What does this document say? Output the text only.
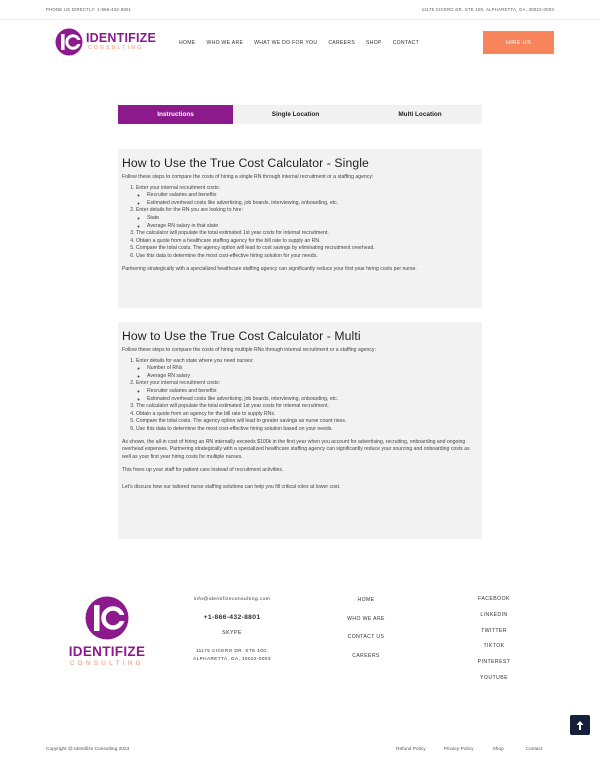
PHONE US DIRECTLY: 1-866-432-8801	11175 CICERO DR. STE 100, ALPHARETTA, GA, 30022-0003
IDENTIFIZE
CONSULTING
HOME WHO WE ARE WHAT WE DO FOR YOU CAREERS SHOP CONTACT	HIRE US
Instructions	Single Location	Multi Location
How to Use the True Cost Calculator - Single

Follow these steps to compare the costs of hiring a single RN through internal recruitment or a staffing agency:

1. Enter your internal recruitment costs:
◦ Recruiter salaries and benefits
◦ Estimated overhead costs like advertising, job boards, interviewing, onboarding, etc.
2. Enter details for the RN you are looking to hire:
◦ State
◦ Average RN salary in that state
3. The calculator will populate the total estimated 1st year costs for internal recruitment.
4. Obtain a quote from a healthcare staffing agency for the bill rate to supply an RN.
5. Compare the total costs. The agency option will lead to cost savings by eliminating recruitment overhead.
6. Use this data to determine the most cost-effective hiring solution for your needs.

Partnering strategically with a specialized healthcare staffing agency can significantly reduce your first year hiring costs per nurse.

How to Use the True Cost Calculator - Multi

Follow these steps to compare the costs of hiring multiple RNs through internal recruitment or a staffing agency:

1. Enter details for each state where you need nurses:
◦ Number of RNs
◦ Average RN salary
2. Enter your internal recruitment costs:
◦ Recruiter salaries and benefits
◦ Estimated overhead costs like advertising, job boards, interviewing, onboarding, etc.
3. The calculator will populate the total estimated 1st year costs for internal recruitment.
4. Obtain a quote from an agency for the bill rate to supply RNs.
5. Compare the total costs. The agency option will lead to greater savings as nurse count rises.
6. Use this data to determine the most cost-effective hiring solution based on your needs.

As shown, the all-in cost of hiring an RN internally exceeds $100k in the first year when you account for advertising, recruiting, onboarding and ongoing overhead expenses. Partnering strategically with a specialized healthcare staffing agency can significantly reduce your sourcing and onboarding costs as well as your first year hiring costs for multiple nurses.

This frees up your staff for patient care instead of recruitment activities.

Let's discuss how our tailored nurse staffing solutions can help you fill critical roles at lower cost.

IDENTIFIZE
CONSULTING
info@identifizeconsulting.com
+1-866-432-8801
SKYPE
11175 CICERO DR. STE 100,
ALPHARETTA, GA, 30022-0003
HOME
WHO WE ARE
CONTACT US
CAREERS
FACEBOOK
LINKEDIN
TWITTER
TIKTOK
PINTEREST
YOUTUBE
Copyright @ Identifize Consulting 2023	Refund Policy	Privacy Policy	Shop	Contact
